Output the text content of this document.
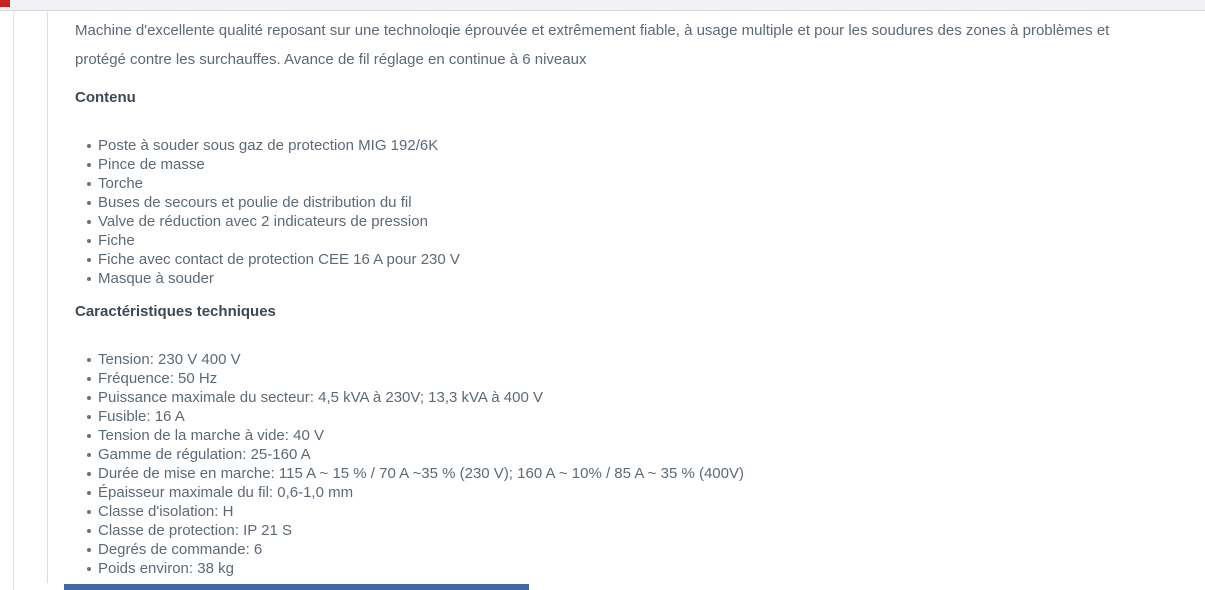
Machine d'excellente qualité reposant sur une technoloqie éprouvée et extrêmement fiable, à usage multiple et pour les soudures des zones à problèmes et protégé contre les surchauffes. Avance de fil réglage en continue à 6 niveaux

Contenu
Poste à souder sous gaz de protection MIG 192/6K
Pince de masse
Torche
Buses de secours et poulie de distribution du fil
Valve de réduction avec 2 indicateurs de pression
Fiche
Fiche avec contact de protection CEE 16 A pour 230 V
Masque à souder
Caractéristiques techniques
Tension: 230 V 400 V
Fréquence: 50 Hz
Puissance maximale du secteur: 4,5 kVA à 230V; 13,3 kVA à 400 V
Fusible: 16 A
Tension de la marche à vide: 40 V
Gamme de régulation: 25-160 A
Durée de mise en marche: 115 A ~ 15 % / 70 A ~35 % (230 V); 160 A ~ 10% / 85 A ~ 35 % (400V)
Épaisseur maximale du fil: 0,6-1,0 mm
Classe d'isolation: H
Classe de protection: IP 21 S
Degrés de commande: 6
Poids environ: 38 kg
